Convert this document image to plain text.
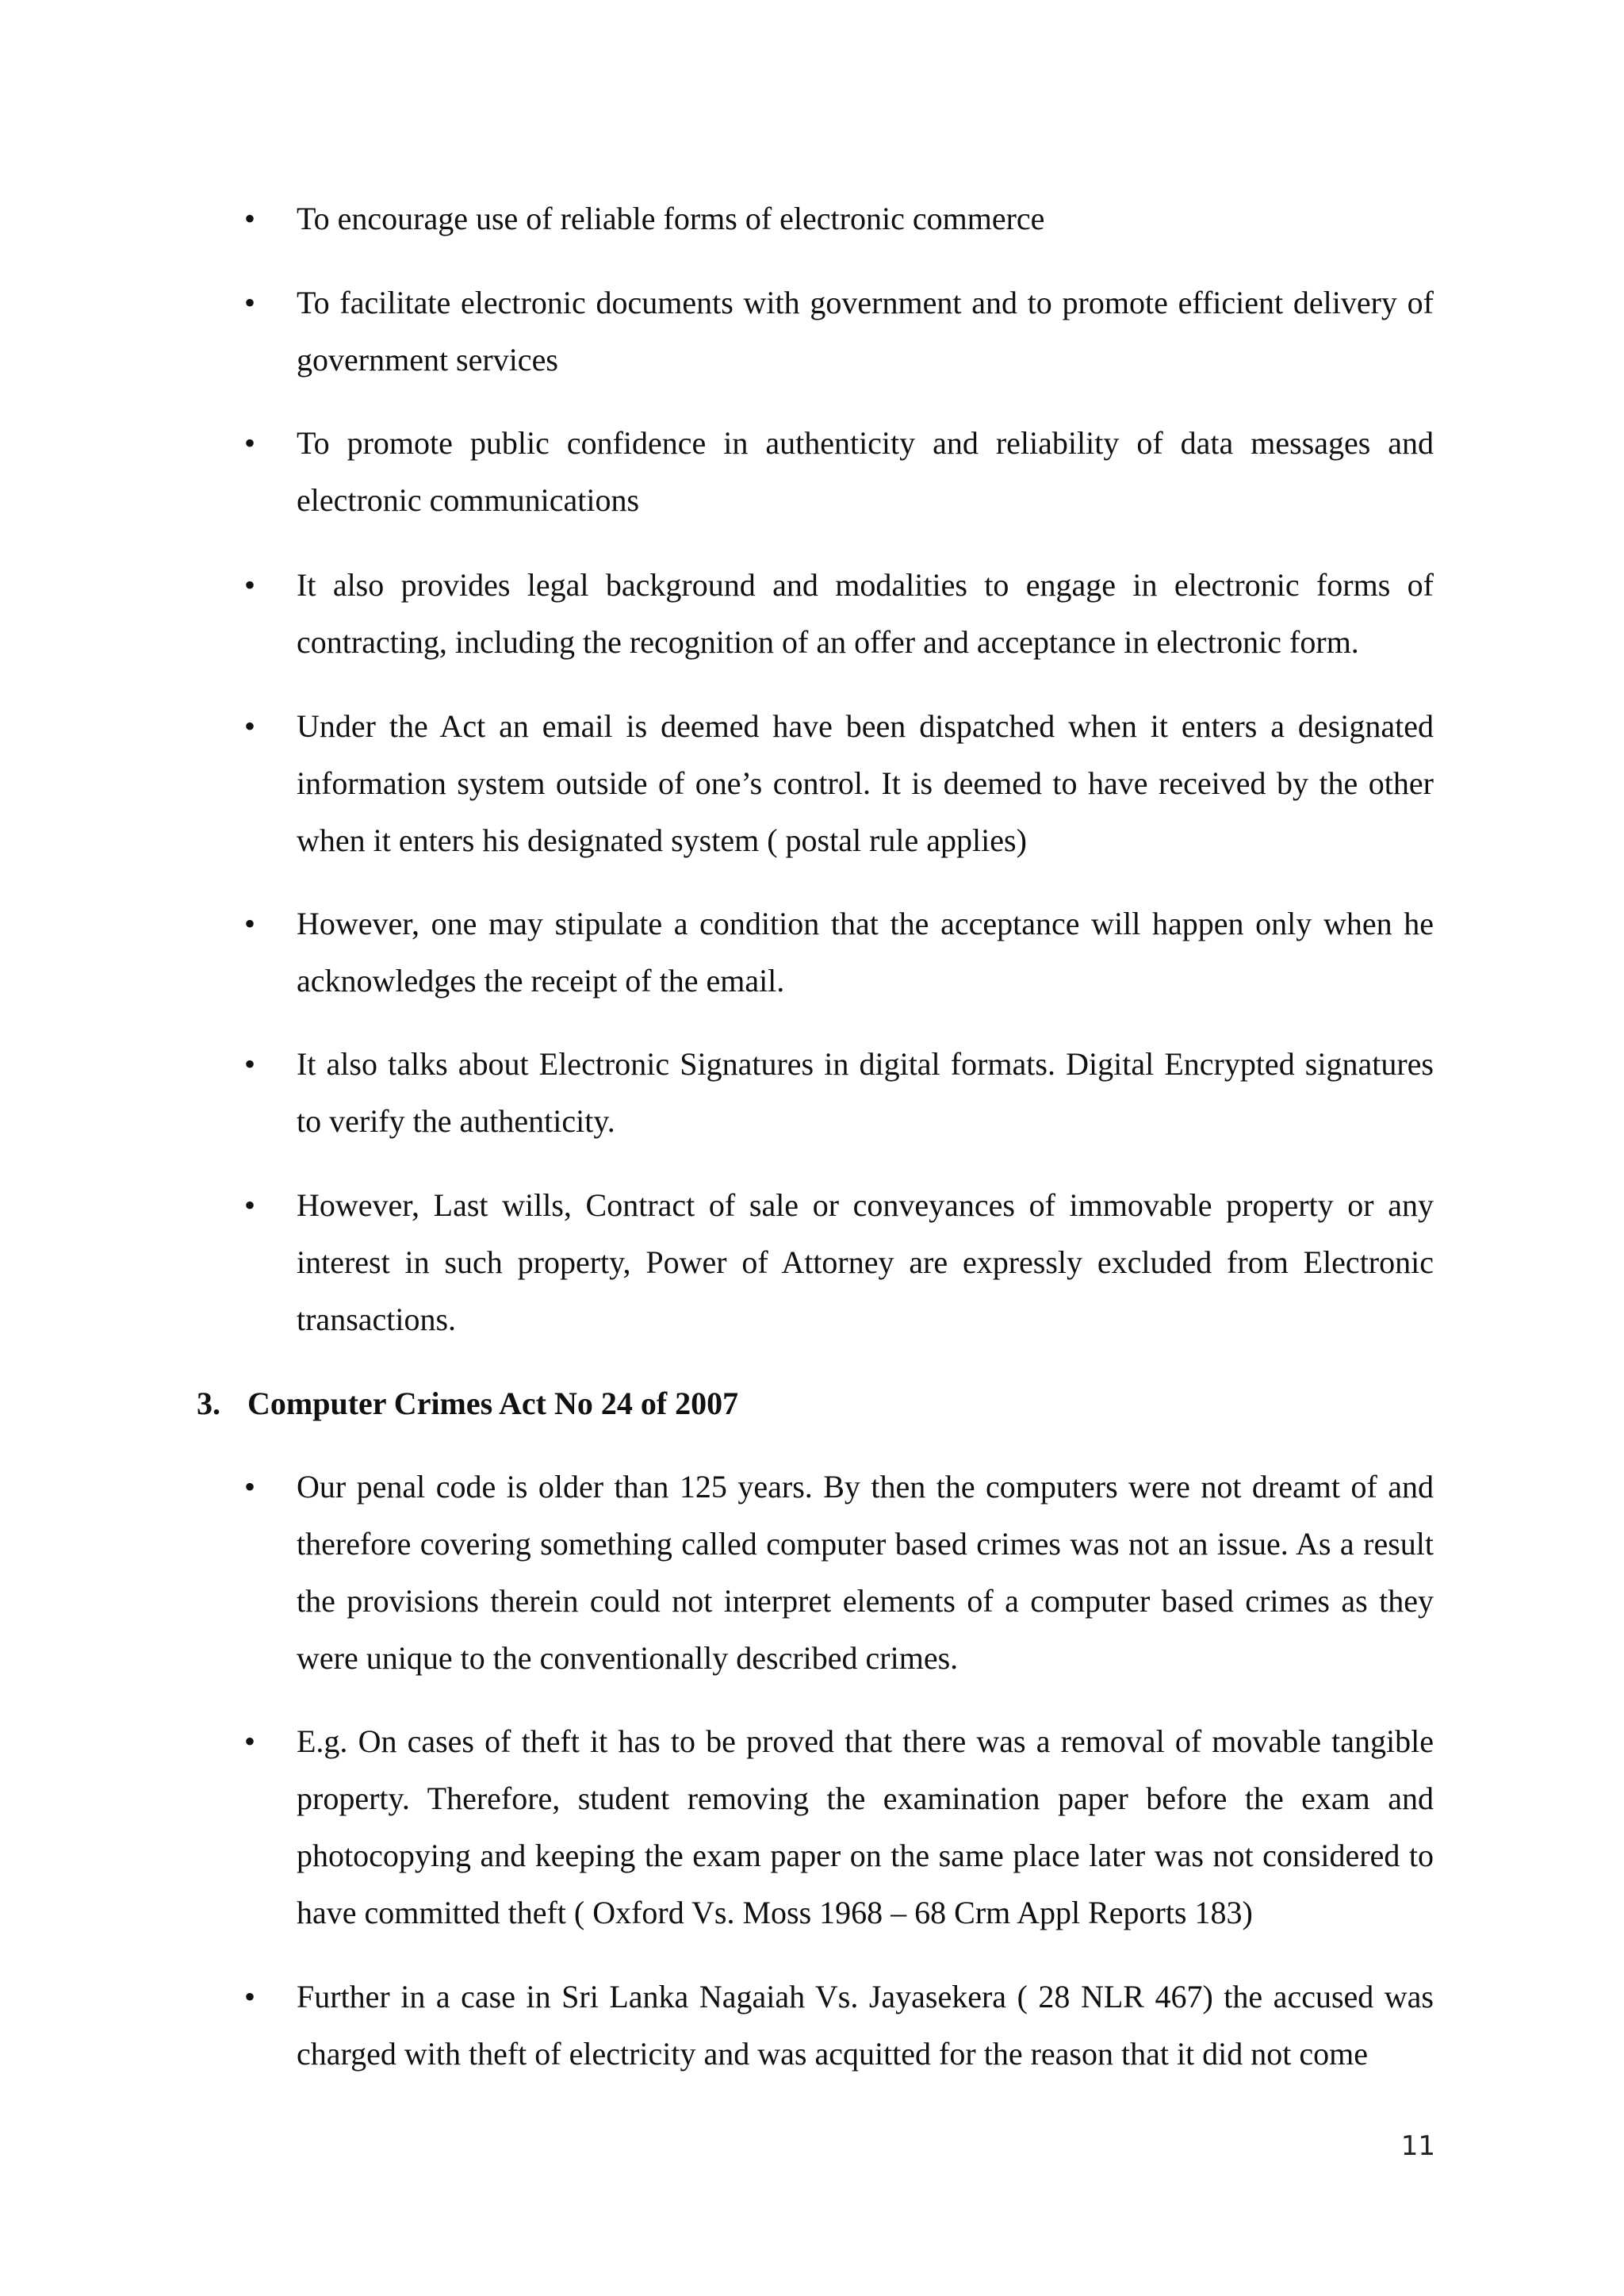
• To encourage use of reliable forms of electronic commerce

• To facilitate electronic documents with government and to promote efficient delivery of government services

• To promote public confidence in authenticity and reliability of data messages and electronic communications

• It also provides legal background and modalities to engage in electronic forms of contracting, including the recognition of an offer and acceptance in electronic form.

• Under the Act an email is deemed have been dispatched when it enters a designated information system outside of one’s control. It is deemed to have received by the other when it enters his designated system ( postal rule applies)

• However, one may stipulate a condition that the acceptance will happen only when he acknowledges the receipt of the email.

• It also talks about Electronic Signatures in digital formats. Digital Encrypted signatures to verify the authenticity.

• However, Last wills, Contract of sale or conveyances of immovable property or any interest in such property, Power of Attorney are expressly excluded from Electronic transactions.

3. Computer Crimes Act No 24 of 2007
• Our penal code is older than 125 years. By then the computers were not dreamt of and therefore covering something called computer based crimes was not an issue. As a result the provisions therein could not interpret elements of a computer based crimes as they were unique to the conventionally described crimes.

• E.g. On cases of theft it has to be proved that there was a removal of movable tangible property. Therefore, student removing the examination paper before the exam and photocopying and keeping the exam paper on the same place later was not considered to have committed theft ( Oxford Vs. Moss 1968 – 68 Crm Appl Reports 183)

• Further in a case in Sri Lanka Nagaiah Vs. Jayasekera ( 28 NLR 467) the accused was charged with theft of electricity and was acquitted for the reason that it did not come

11
